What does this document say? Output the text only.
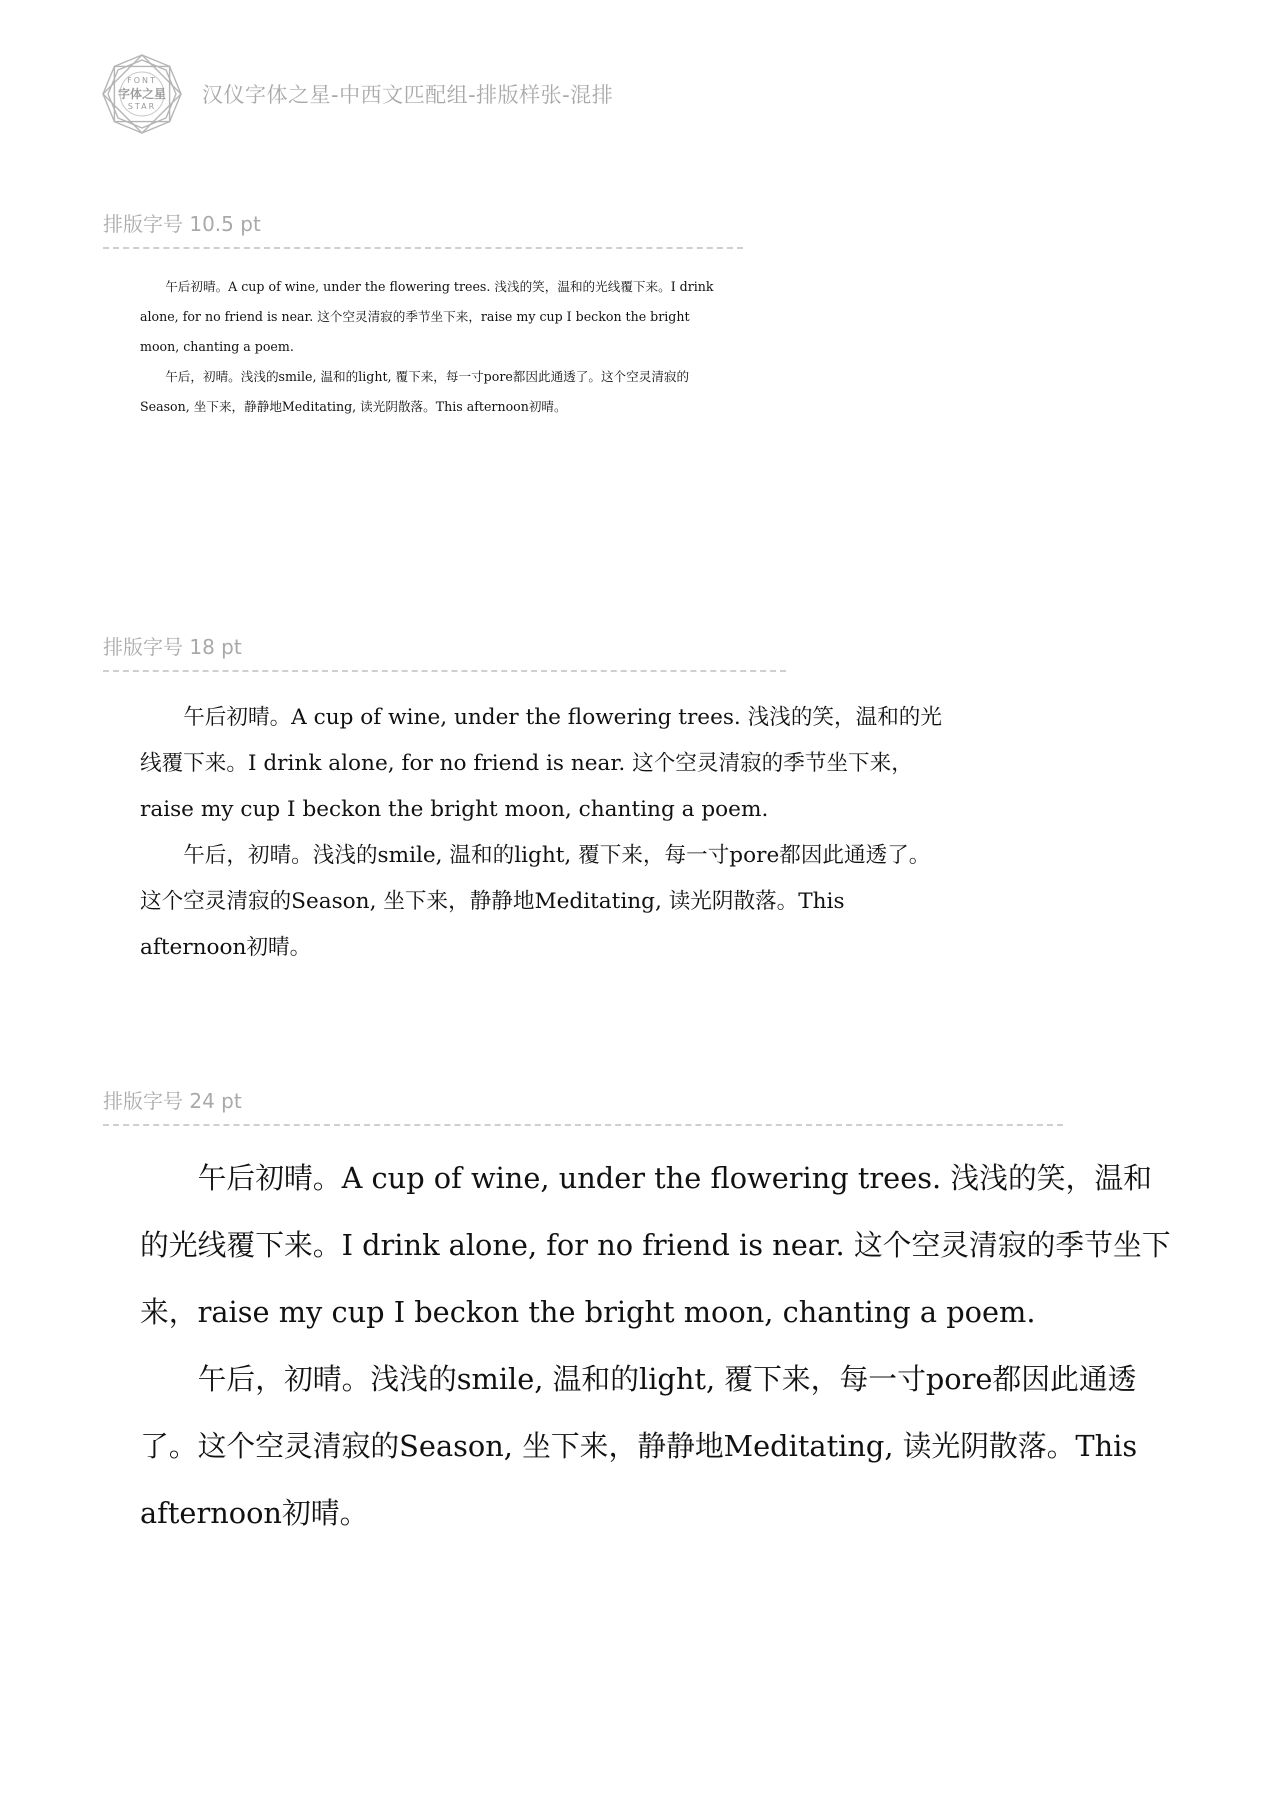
FONT
字体之星
STAR 汉仪字体之星-中西文匹配组-排版样张-混排
排版字号 10.5 pt

午后初晴。A cup of wine, under the flowering trees. 浅浅的笑，温和的光线覆下来。I drink alone, for no friend is near. 这个空灵清寂的季节坐下来，raise my cup I beckon the bright moon, chanting a poem.

午后，初晴。浅浅的smile, 温和的light, 覆下来，每一寸pore都因此通透了。这个空灵清寂的Season, 坐下来，静静地Meditating, 读光阴散落。This afternoon初晴。

排版字号 18 pt

午后初晴。A cup of wine, under the flowering trees. 浅浅的笑，温和的光线覆下来。I drink alone, for no friend is near. 这个空灵清寂的季节坐下来，raise my cup I beckon the bright moon, chanting a poem.

午后，初晴。浅浅的smile, 温和的light, 覆下来，每一寸pore都因此通透了。这个空灵清寂的Season, 坐下来，静静地Meditating, 读光阴散落。This afternoon初晴。

排版字号 24 pt

午后初晴。A cup of wine, under the flowering trees. 浅浅的笑，温和的光线覆下来。I drink alone, for no friend is near. 这个空灵清寂的季节坐下来，raise my cup I beckon the bright moon, chanting a poem.

午后，初晴。浅浅的smile, 温和的light, 覆下来，每一寸pore都因此通透了。这个空灵清寂的Season, 坐下来，静静地Meditating, 读光阴散落。This afternoon初晴。
